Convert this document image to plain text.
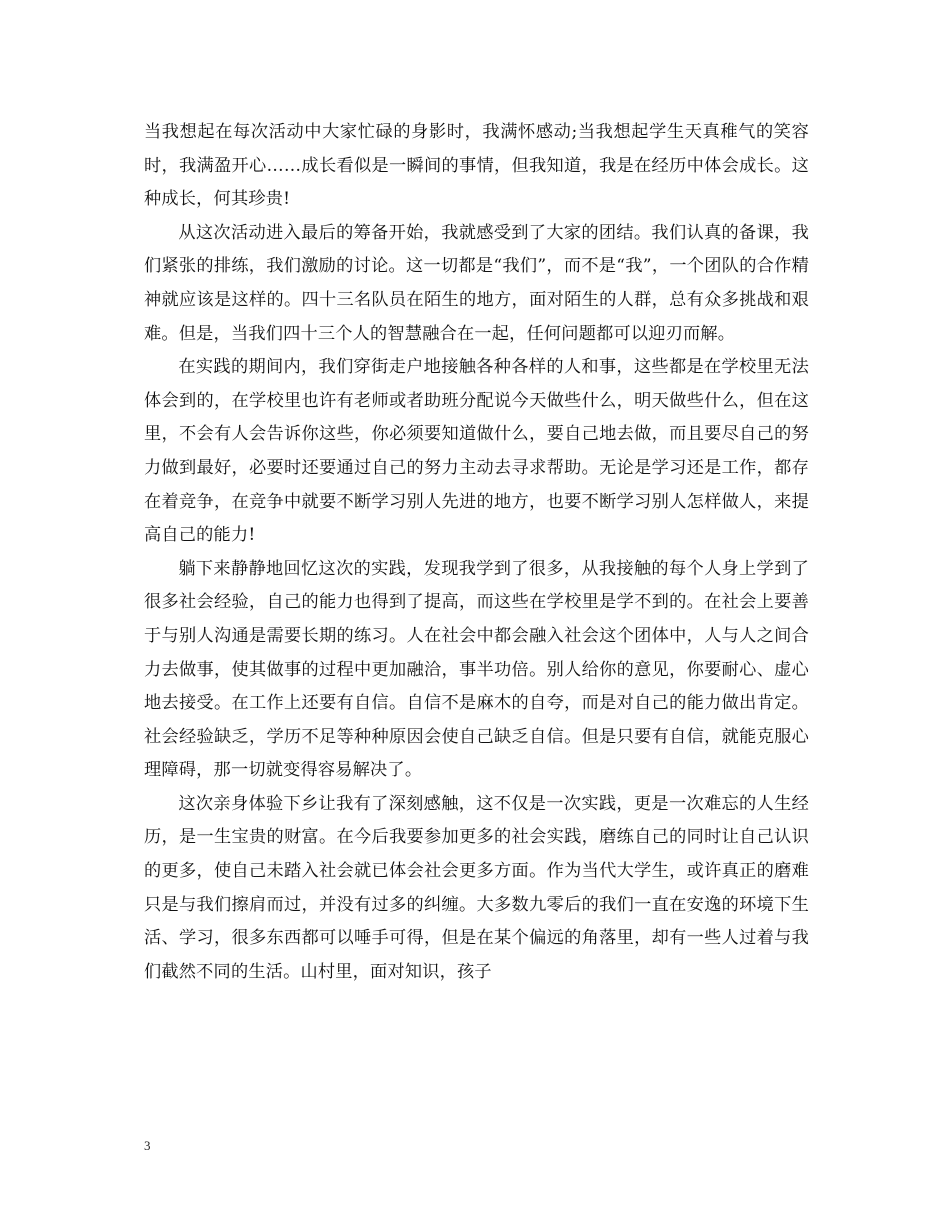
当我想起在每次活动中大家忙碌的身影时，我满怀感动;当我想起学生天真稚气的笑容时，我满盈开心……成长看似是一瞬间的事情，但我知道，我是在经历中体会成长。这种成长，何其珍贵!

从这次活动进入最后的筹备开始，我就感受到了大家的团结。我们认真的备课，我们紧张的排练，我们激励的讨论。这一切都是“我们”，而不是“我”，一个团队的合作精神就应该是这样的。四十三名队员在陌生的地方，面对陌生的人群，总有众多挑战和艰难。但是，当我们四十三个人的智慧融合在一起，任何问题都可以迎刃而解。

在实践的期间内，我们穿街走户地接触各种各样的人和事，这些都是在学校里无法体会到的，在学校里也许有老师或者助班分配说今天做些什么，明天做些什么，但在这里，不会有人会告诉你这些，你必须要知道做什么，要自己地去做，而且要尽自己的努力做到最好，必要时还要通过自己的努力主动去寻求帮助。无论是学习还是工作，都存在着竞争，在竞争中就要不断学习别人先进的地方，也要不断学习别人怎样做人，来提高自己的能力!

躺下来静静地回忆这次的实践，发现我学到了很多，从我接触的每个人身上学到了很多社会经验，自己的能力也得到了提高，而这些在学校里是学不到的。在社会上要善于与别人沟通是需要长期的练习。人在社会中都会融入社会这个团体中，人与人之间合力去做事，使其做事的过程中更加融洽，事半功倍。别人给你的意见，你要耐心、虚心地去接受。在工作上还要有自信。自信不是麻木的自夸，而是对自己的能力做出肯定。社会经验缺乏，学历不足等种种原因会使自己缺乏自信。但是只要有自信，就能克服心理障碍，那一切就变得容易解决了。

这次亲身体验下乡让我有了深刻感触，这不仅是一次实践，更是一次难忘的人生经历，是一生宝贵的财富。在今后我要参加更多的社会实践，磨练自己的同时让自己认识的更多，使自己未踏入社会就已体会社会更多方面。作为当代大学生，或许真正的磨难只是与我们擦肩而过，并没有过多的纠缠。大多数九零后的我们一直在安逸的环境下生活、学习，很多东西都可以唾手可得，但是在某个偏远的角落里，却有一些人过着与我们截然不同的生活。山村里，面对知识，孩子

3
